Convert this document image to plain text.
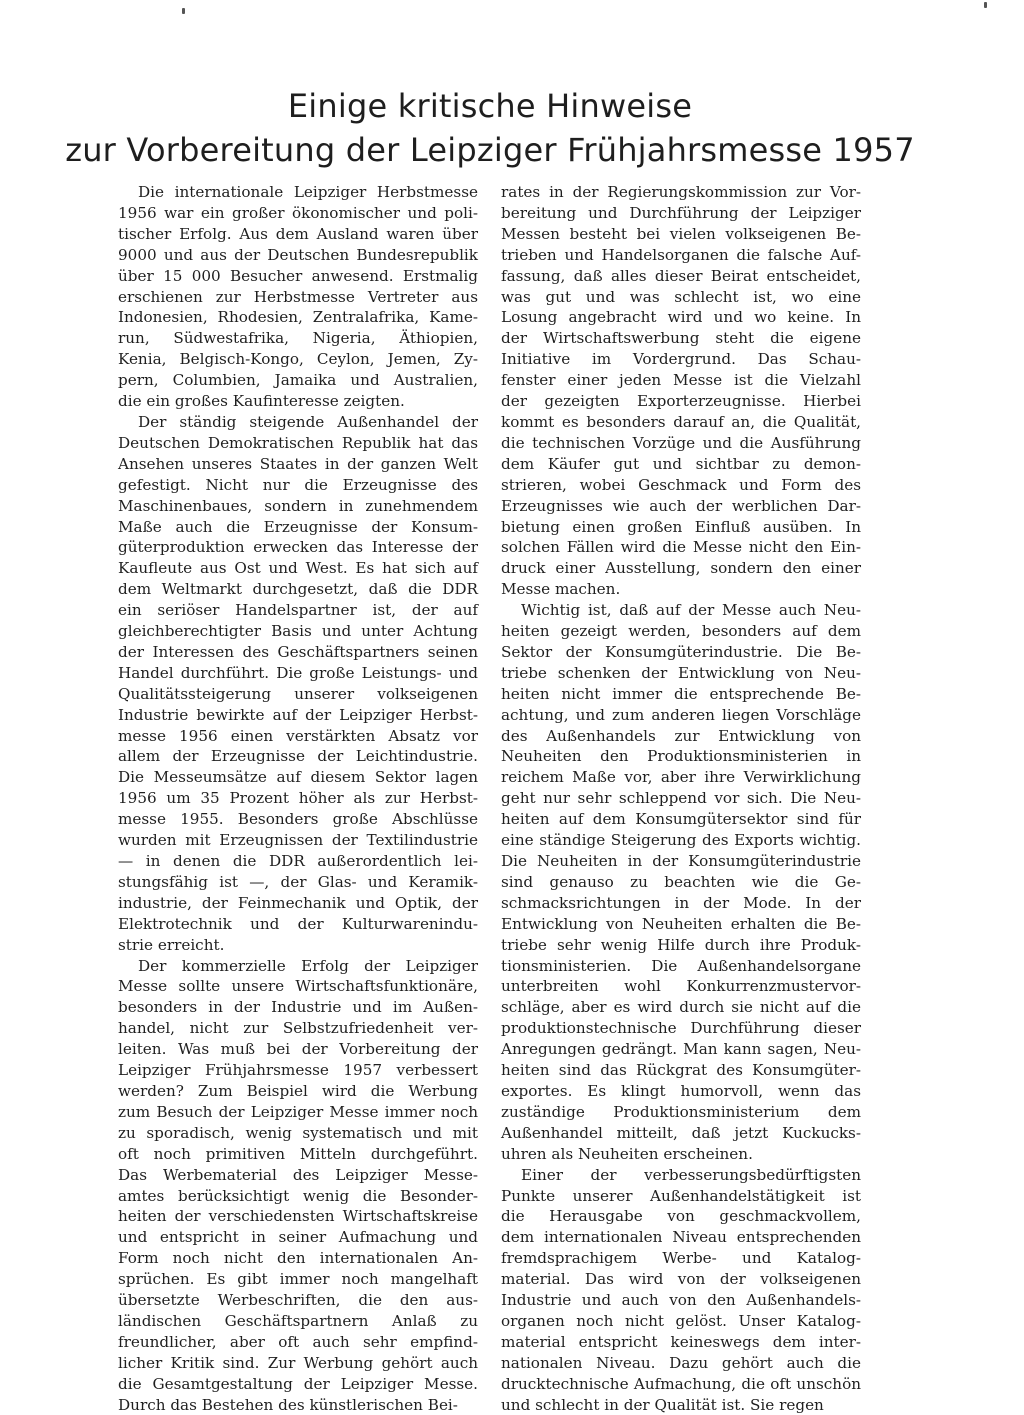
Einige kritische Hinweise
zur Vorbereitung der Leipziger Frühjahrsmesse 1957

Die internationale Leipziger Herbstmesse
1956 war ein großer ökonomischer und poli-
tischer Erfolg. Aus dem Ausland waren über
9000 und aus der Deutschen Bundesrepublik
über 15 000 Besucher anwesend. Erstmalig
erschienen zur Herbstmesse Vertreter aus
Indonesien, Rhodesien, Zentralafrika, Kame-
run, Südwestafrika, Nigeria, Äthiopien,
Kenia, Belgisch-Kongo, Ceylon, Jemen, Zy-
pern, Columbien, Jamaika und Australien,
die ein großes Kaufinteresse zeigten.

Der ständig steigende Außenhandel der
Deutschen Demokratischen Republik hat das
Ansehen unseres Staates in der ganzen Welt
gefestigt. Nicht nur die Erzeugnisse des
Maschinenbaues, sondern in zunehmendem
Maße auch die Erzeugnisse der Konsum-
güterproduktion erwecken das Interesse der
Kaufleute aus Ost und West. Es hat sich auf
dem Weltmarkt durchgesetzt, daß die DDR
ein seriöser Handelspartner ist, der auf
gleichberechtigter Basis und unter Achtung
der Interessen des Geschäftspartners seinen
Handel durchführt. Die große Leistungs- und
Qualitätssteigerung unserer volkseigenen
Industrie bewirkte auf der Leipziger Herbst-
messe 1956 einen verstärkten Absatz vor
allem der Erzeugnisse der Leichtindustrie.
Die Messeumsätze auf diesem Sektor lagen
1956 um 35 Prozent höher als zur Herbst-
messe 1955. Besonders große Abschlüsse
wurden mit Erzeugnissen der Textilindustrie
— in denen die DDR außerordentlich lei-
stungsfähig ist —, der Glas- und Keramik-
industrie, der Feinmechanik und Optik, der
Elektrotechnik und der Kulturwarenindu-
strie erreicht.

Der kommerzielle Erfolg der Leipziger
Messe sollte unsere Wirtschaftsfunktionäre,
besonders in der Industrie und im Außen-
handel, nicht zur Selbstzufriedenheit ver-
leiten. Was muß bei der Vorbereitung der
Leipziger Frühjahrsmesse 1957 verbessert
werden? Zum Beispiel wird die Werbung
zum Besuch der Leipziger Messe immer noch
zu sporadisch, wenig systematisch und mit
oft noch primitiven Mitteln durchgeführt.
Das Werbematerial des Leipziger Messe-
amtes berücksichtigt wenig die Besonder-
heiten der verschiedensten Wirtschaftskreise
und entspricht in seiner Aufmachung und
Form noch nicht den internationalen An-
sprüchen. Es gibt immer noch mangelhaft
übersetzte Werbeschriften, die den aus-
ländischen Geschäftspartnern Anlaß zu
freundlicher, aber oft auch sehr empfind-
licher Kritik sind. Zur Werbung gehört auch
die Gesamtgestaltung der Leipziger Messe.
Durch das Bestehen des künstlerischen Bei-

rates in der Regierungskommission zur Vor-
bereitung und Durchführung der Leipziger
Messen besteht bei vielen volkseigenen Be-
trieben und Handelsorganen die falsche Auf-
fassung, daß alles dieser Beirat entscheidet,
was gut und was schlecht ist, wo eine
Losung angebracht wird und wo keine. In
der Wirtschaftswerbung steht die eigene
Initiative im Vordergrund. Das Schau-
fenster einer jeden Messe ist die Vielzahl
der gezeigten Exporterzeugnisse. Hierbei
kommt es besonders darauf an, die Qualität,
die technischen Vorzüge und die Ausführung
dem Käufer gut und sichtbar zu demon-
strieren, wobei Geschmack und Form des
Erzeugnisses wie auch der werblichen Dar-
bietung einen großen Einfluß ausüben. In
solchen Fällen wird die Messe nicht den Ein-
druck einer Ausstellung, sondern den einer
Messe machen.

Wichtig ist, daß auf der Messe auch Neu-
heiten gezeigt werden, besonders auf dem
Sektor der Konsumgüterindustrie. Die Be-
triebe schenken der Entwicklung von Neu-
heiten nicht immer die entsprechende Be-
achtung, und zum anderen liegen Vorschläge
des Außenhandels zur Entwicklung von
Neuheiten den Produktionsministerien in
reichem Maße vor, aber ihre Verwirklichung
geht nur sehr schleppend vor sich. Die Neu-
heiten auf dem Konsumgütersektor sind für
eine ständige Steigerung des Exports wichtig.
Die Neuheiten in der Konsumgüterindustrie
sind genauso zu beachten wie die Ge-
schmacksrichtungen in der Mode. In der
Entwicklung von Neuheiten erhalten die Be-
triebe sehr wenig Hilfe durch ihre Produk-
tionsministerien. Die Außenhandelsorgane
unterbreiten wohl Konkurrenzmustervor-
schläge, aber es wird durch sie nicht auf die
produktionstechnische Durchführung dieser
Anregungen gedrängt. Man kann sagen, Neu-
heiten sind das Rückgrat des Konsumgüter-
exportes. Es klingt humorvoll, wenn das
zuständige Produktionsministerium dem
Außenhandel mitteilt, daß jetzt Kuckucks-
uhren als Neuheiten erscheinen.

Einer der verbesserungsbedürftigsten
Punkte unserer Außenhandelstätigkeit ist
die Herausgabe von geschmackvollem,
dem internationalen Niveau entsprechenden
fremdsprachigem Werbe- und Katalog-
material. Das wird von der volkseigenen
Industrie und auch von den Außenhandels-
organen noch nicht gelöst. Unser Katalog-
material entspricht keineswegs dem inter-
nationalen Niveau. Dazu gehört auch die
drucktechnische Aufmachung, die oft unschön
und schlecht in der Qualität ist. Sie regen
